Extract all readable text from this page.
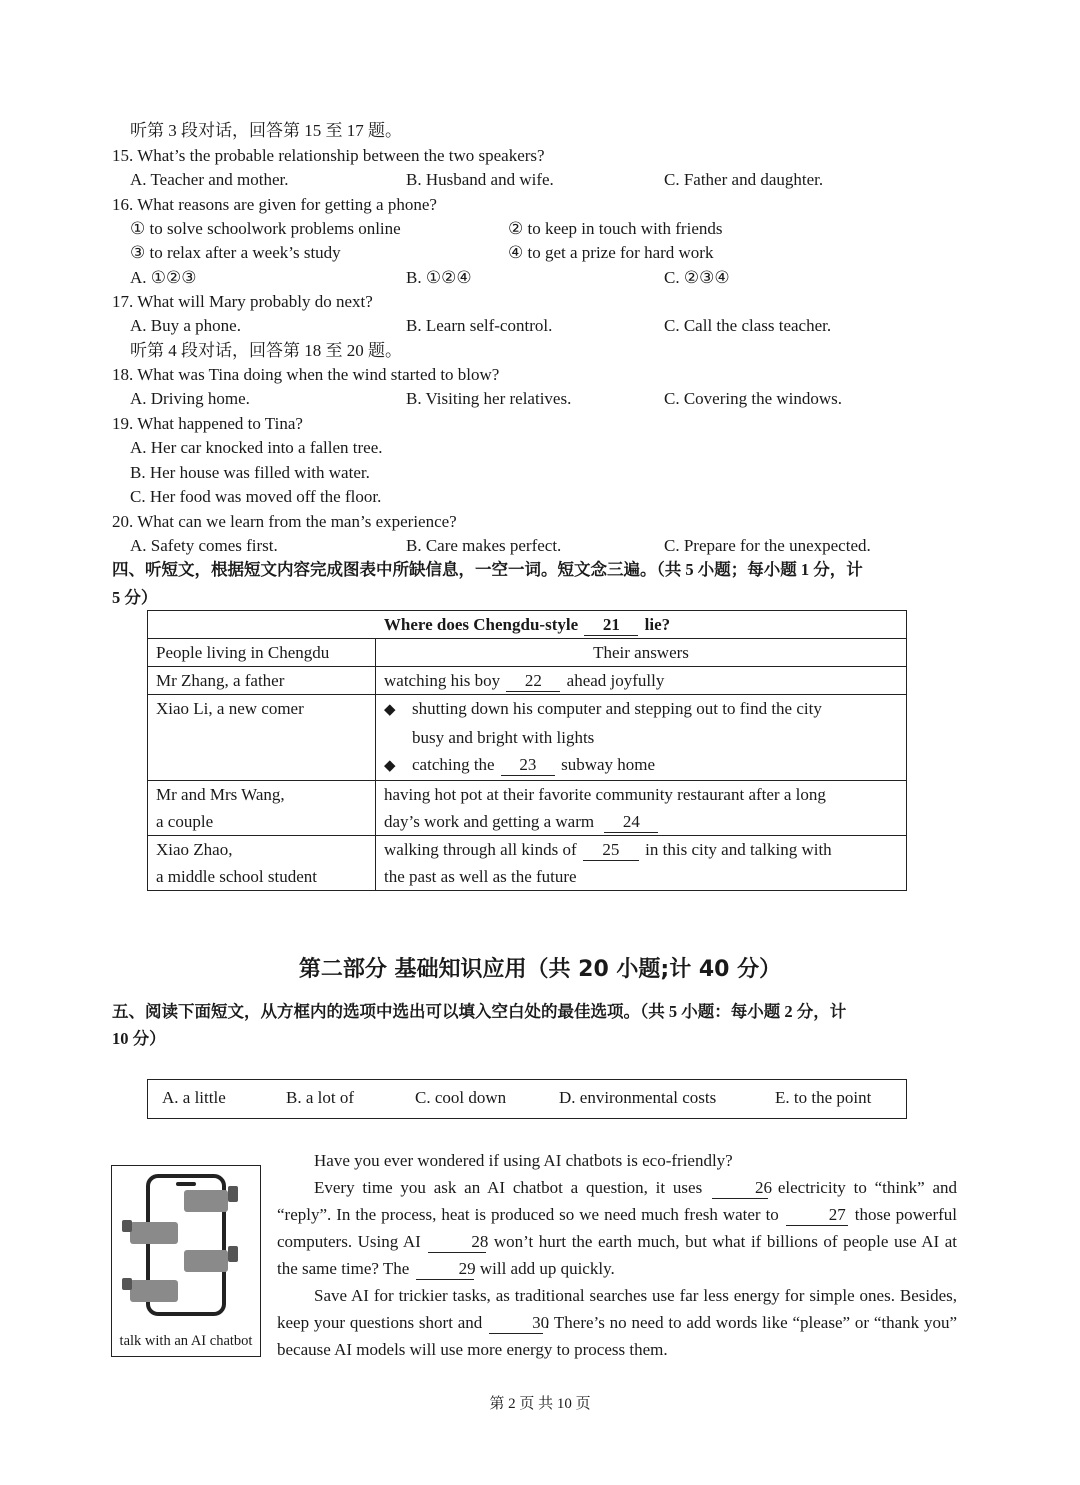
听第 3 段对话，回答第 15 至 17 题。
15. What’s the probable relationship between the two speakers?
A. Teacher and mother.	B. Husband and wife.	C. Father and daughter.
16. What reasons are given for getting a phone?
① to solve schoolwork problems online	② to keep in touch with friends
③ to relax after a week’s study	④ to get a prize for hard work
A. ①②③	B. ①②④	C. ②③④
17. What will Mary probably do next?
A. Buy a phone.	B. Learn self-control.	C. Call the class teacher.
听第 4 段对话，回答第 18 至 20 题。
18. What was Tina doing when the wind started to blow?
A. Driving home.	B. Visiting her relatives.	C. Covering the windows.
19. What happened to Tina?
A. Her car knocked into a fallen tree.
B. Her house was filled with water.
C. Her food was moved off the floor.
20. What can we learn from the man’s experience?
A. Safety comes first.	B. Care makes perfect.	C. Prepare for the unexpected.
四、听短文，根据短文内容完成图表中所缺信息，一空一词。短文念三遍。（共 5 小题；每小题 1 分，计
5 分）
Where does Chengdu-style 21 lie?	
People living in Chengdu	Their answers
Mr Zhang, a father	watching his boy 22 ahead joyfully
Xiao Li, a new comer	◆ shutting down his computer and stepping out to find the city
busy and bright with lights
◆ catching the 23 subway home
Mr and Mrs Wang,
a couple	having hot pot at their favorite community restaurant after a long
day’s work and getting a warm 24
Xiao Zhao,
a middle school student	walking through all kinds of 25 in this city and talking with
the past as well as the future
第二部分 基础知识应用（共 20 小题;计 40 分）
五、阅读下面短文，从方框内的选项中选出可以填入空白处的最佳选项。（共 5 小题：每小题 2 分，计
10 分）
A. a little	B. a lot of	C. cool down	D. environmental costs	E. to the point
talk with an AI chatbot
Have you ever wondered if using AI chatbots is eco-friendly?
Every time you ask an AI chatbot a question, it uses	26 electricity to “think” and “reply”. In the process, heat is produced so we need much fresh water to	27 those powerful computers. Using AI	28 won’t hurt the earth much, but what if billions of people use AI at the same time? The	29 will add up quickly.
Save AI for trickier tasks, as traditional searches use far less energy for simple ones. Besides, keep your questions short and	30. There’s no need to add words like “please” or “thank you” because AI models will use more energy to process them.
第 2 页 共 10 页
